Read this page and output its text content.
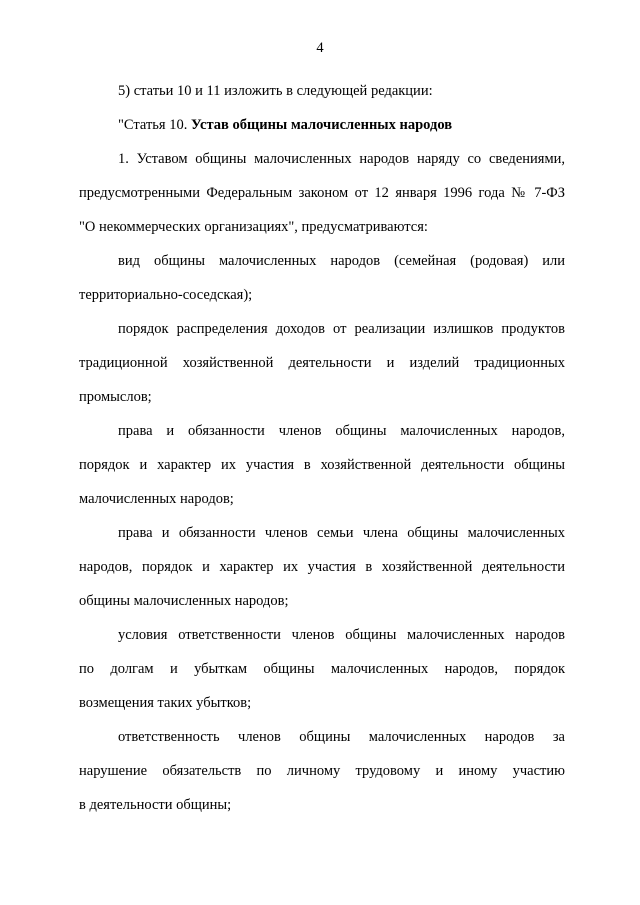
4

5) статьи 10 и 11 изложить в следующей редакции:

"Статья 10. Устав общины малочисленных народов

1. Уставом общины малочисленных народов наряду со сведениями,
предусмотренными Федеральным законом от 12 января 1996 года № 7-ФЗ
"О некоммерческих организациях", предусматриваются:

вид общины малочисленных народов (семейная (родовая) или
территориально-соседская);

порядок распределения доходов от реализации излишков продуктов
традиционной хозяйственной деятельности и изделий традиционных
промыслов;

права и обязанности членов общины малочисленных народов,
порядок и характер их участия в хозяйственной деятельности общины
малочисленных народов;

права и обязанности членов семьи члена общины малочисленных
народов, порядок и характер их участия в хозяйственной деятельности
общины малочисленных народов;

условия ответственности членов общины малочисленных народов
по долгам и убыткам общины малочисленных народов, порядок
возмещения таких убытков;

ответственность членов общины малочисленных народов за
нарушение обязательств по личному трудовому и иному участию
в деятельности общины;
